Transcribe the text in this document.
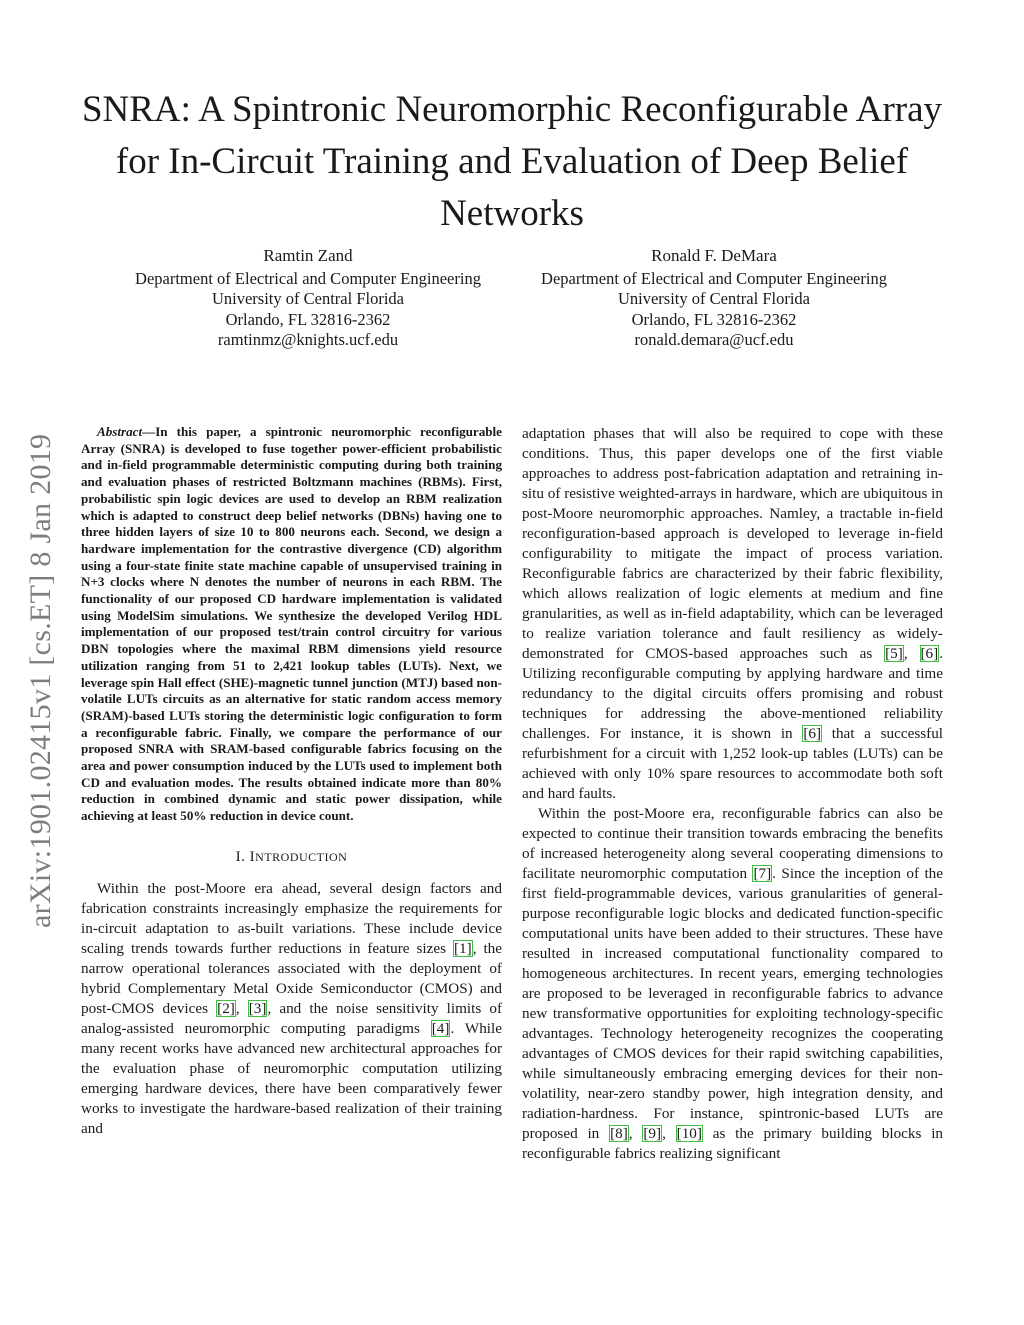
SNRA: A Spintronic Neuromorphic Reconfigurable Array for In-Circuit Training and Evaluation of Deep Belief Networks
Ramtin Zand
Department of Electrical and Computer Engineering
University of Central Florida
Orlando, FL 32816-2362
ramtinmz@knights.ucf.edu
Ronald F. DeMara
Department of Electrical and Computer Engineering
University of Central Florida
Orlando, FL 32816-2362
ronald.demara@ucf.edu
arXiv:1901.02415v1 [cs.ET] 8 Jan 2019

Abstract—In this paper, a spintronic neuromorphic reconfigurable Array (SNRA) is developed to fuse together power-efficient probabilistic and in-field programmable deterministic computing during both training and evaluation phases of restricted Boltzmann machines (RBMs). First, probabilistic spin logic devices are used to develop an RBM realization which is adapted to construct deep belief networks (DBNs) having one to three hidden layers of size 10 to 800 neurons each. Second, we design a hardware implementation for the contrastive divergence (CD) algorithm using a four-state finite state machine capable of unsupervised training in N+3 clocks where N denotes the number of neurons in each RBM. The functionality of our proposed CD hardware implementation is validated using ModelSim simulations. We synthesize the developed Verilog HDL implementation of our proposed test/train control circuitry for various DBN topologies where the maximal RBM dimensions yield resource utilization ranging from 51 to 2,421 lookup tables (LUTs). Next, we leverage spin Hall effect (SHE)-magnetic tunnel junction (MTJ) based non-volatile LUTs circuits as an alternative for static random access memory (SRAM)-based LUTs storing the deterministic logic configuration to form a reconfigurable fabric. Finally, we compare the performance of our proposed SNRA with SRAM-based configurable fabrics focusing on the area and power consumption induced by the LUTs used to implement both CD and evaluation modes. The results obtained indicate more than 80% reduction in combined dynamic and static power dissipation, while achieving at least 50% reduction in device count.

I. INTRODUCTION

Within the post-Moore era ahead, several design factors and fabrication constraints increasingly emphasize the requirements for in-circuit adaptation to as-built variations. These include device scaling trends towards further reductions in feature sizes [1], the narrow operational tolerances associated with the deployment of hybrid Complementary Metal Oxide Semiconductor (CMOS) and post-CMOS devices [2], [3], and the noise sensitivity limits of analog-assisted neuromorphic computing paradigms [4]. While many recent works have advanced new architectural approaches for the evaluation phase of neuromorphic computation utilizing emerging hardware devices, there have been comparatively fewer works to investigate the hardware-based realization of their training and

adaptation phases that will also be required to cope with these conditions. Thus, this paper develops one of the first viable approaches to address post-fabrication adaptation and retraining in-situ of resistive weighted-arrays in hardware, which are ubiquitous in post-Moore neuromorphic approaches. Namley, a tractable in-field reconfiguration-based approach is developed to leverage in-field configurability to mitigate the impact of process variation. Reconfigurable fabrics are characterized by their fabric flexibility, which allows realization of logic elements at medium and fine granularities, as well as in-field adaptability, which can be leveraged to realize variation tolerance and fault resiliency as widely-demonstrated for CMOS-based approaches such as [5], [6]. Utilizing reconfigurable computing by applying hardware and time redundancy to the digital circuits offers promising and robust techniques for addressing the above-mentioned reliability challenges. For instance, it is shown in [6] that a successful refurbishment for a circuit with 1,252 look-up tables (LUTs) can be achieved with only 10% spare resources to accommodate both soft and hard faults.

Within the post-Moore era, reconfigurable fabrics can also be expected to continue their transition towards embracing the benefits of increased heterogeneity along several cooperating dimensions to facilitate neuromorphic computation [7]. Since the inception of the first field-programmable devices, various granularities of general-purpose reconfigurable logic blocks and dedicated function-specific computational units have been added to their structures. These have resulted in increased computational functionality compared to homogeneous architectures. In recent years, emerging technologies are proposed to be leveraged in reconfigurable fabrics to advance new transformative opportunities for exploiting technology-specific advantages. Technology heterogeneity recognizes the cooperating advantages of CMOS devices for their rapid switching capabilities, while simultaneously embracing emerging devices for their non-volatility, near-zero standby power, high integration density, and radiation-hardness. For instance, spintronic-based LUTs are proposed in [8], [9], [10] as the primary building blocks in reconfigurable fabrics realizing significant
